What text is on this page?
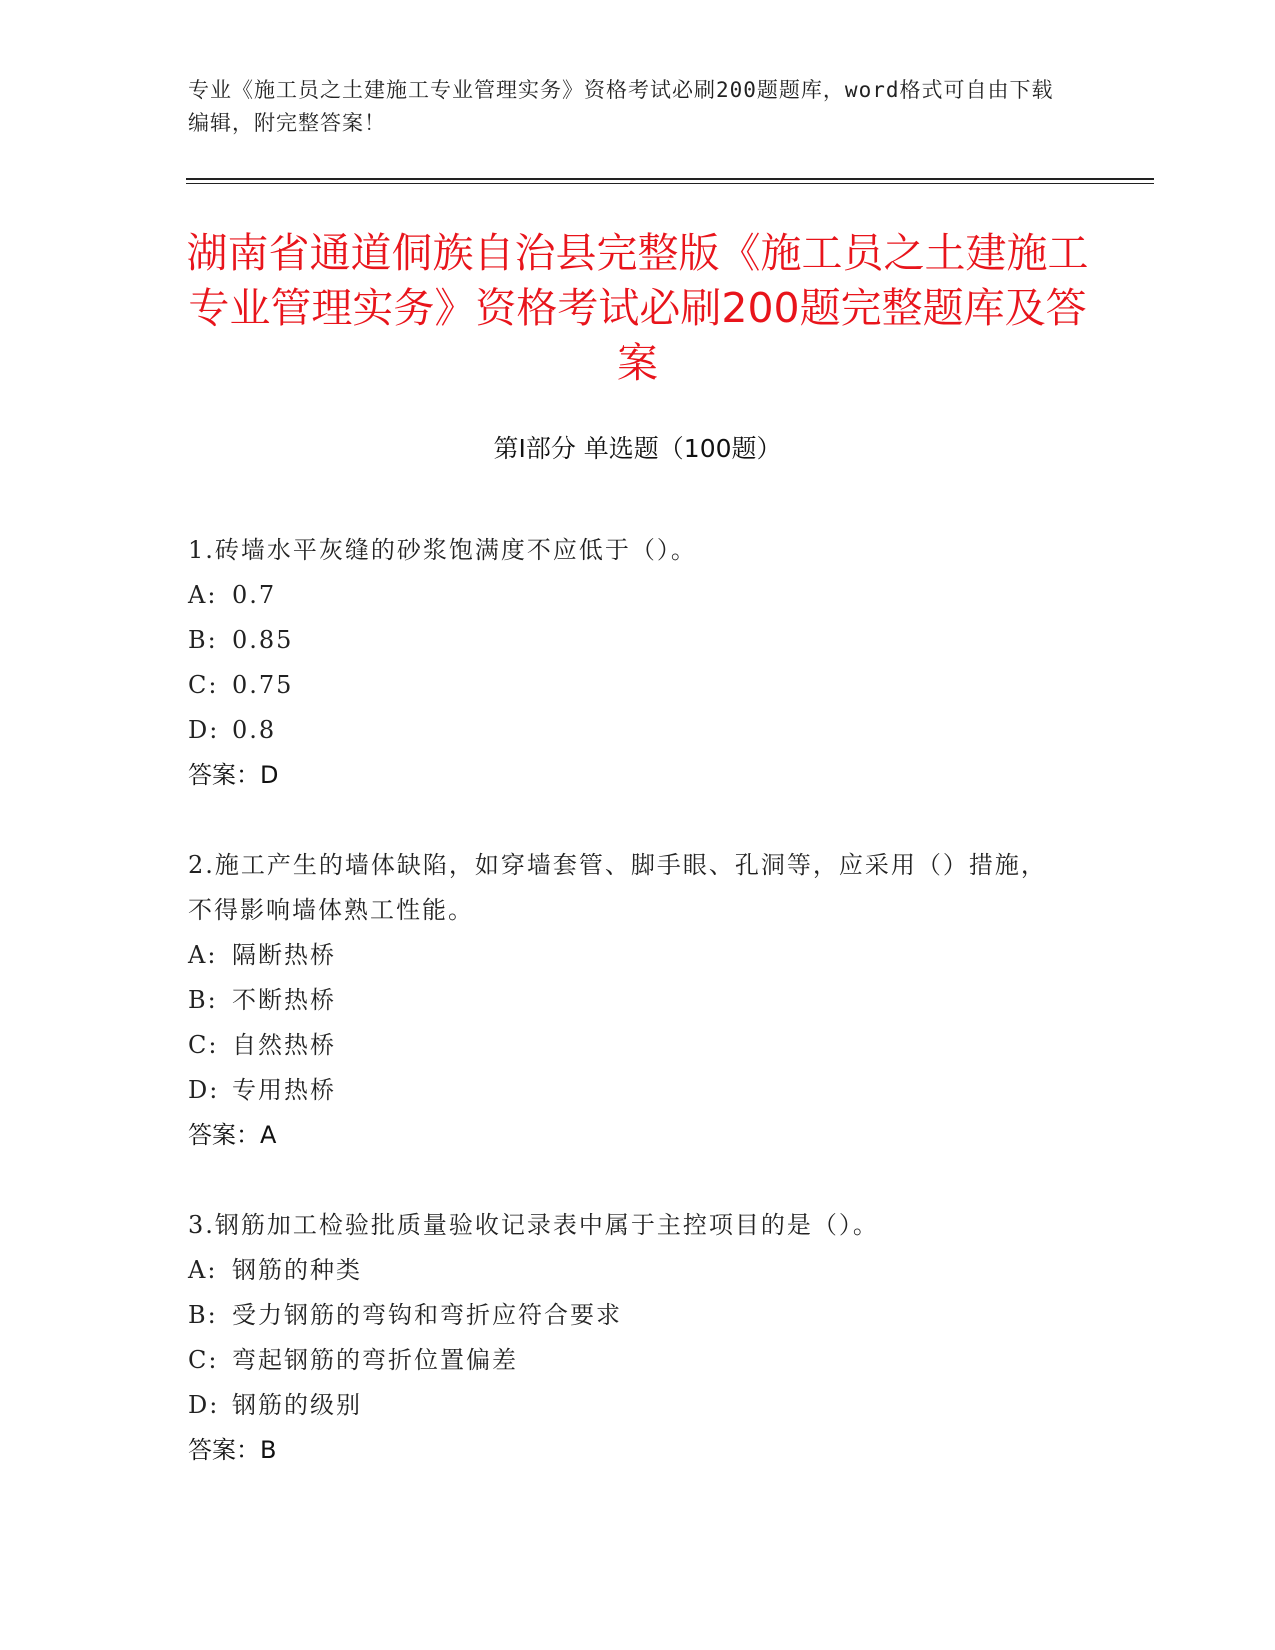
专业《施工员之土建施工专业管理实务》资格考试必刷200题题库，word格式可自由下载编辑，附完整答案！
湖南省通道侗族自治县完整版《施工员之土建施工专业管理实务》资格考试必刷200题完整题库及答案
第Ⅰ部分 单选题（100题）
1.砖墙水平灰缝的砂浆饱满度不应低于（）。
A: 0.7
B: 0.85
C: 0.75
D: 0.8
答案：D
2.施工产生的墙体缺陷，如穿墙套管、脚手眼、孔洞等，应采用（）措施，不得影响墙体熟工性能。
A: 隔断热桥
B: 不断热桥
C: 自然热桥
D: 专用热桥
答案：A
3.钢筋加工检验批质量验收记录表中属于主控项目的是（）。
A: 钢筋的种类
B: 受力钢筋的弯钩和弯折应符合要求
C: 弯起钢筋的弯折位置偏差
D: 钢筋的级别
答案：B
